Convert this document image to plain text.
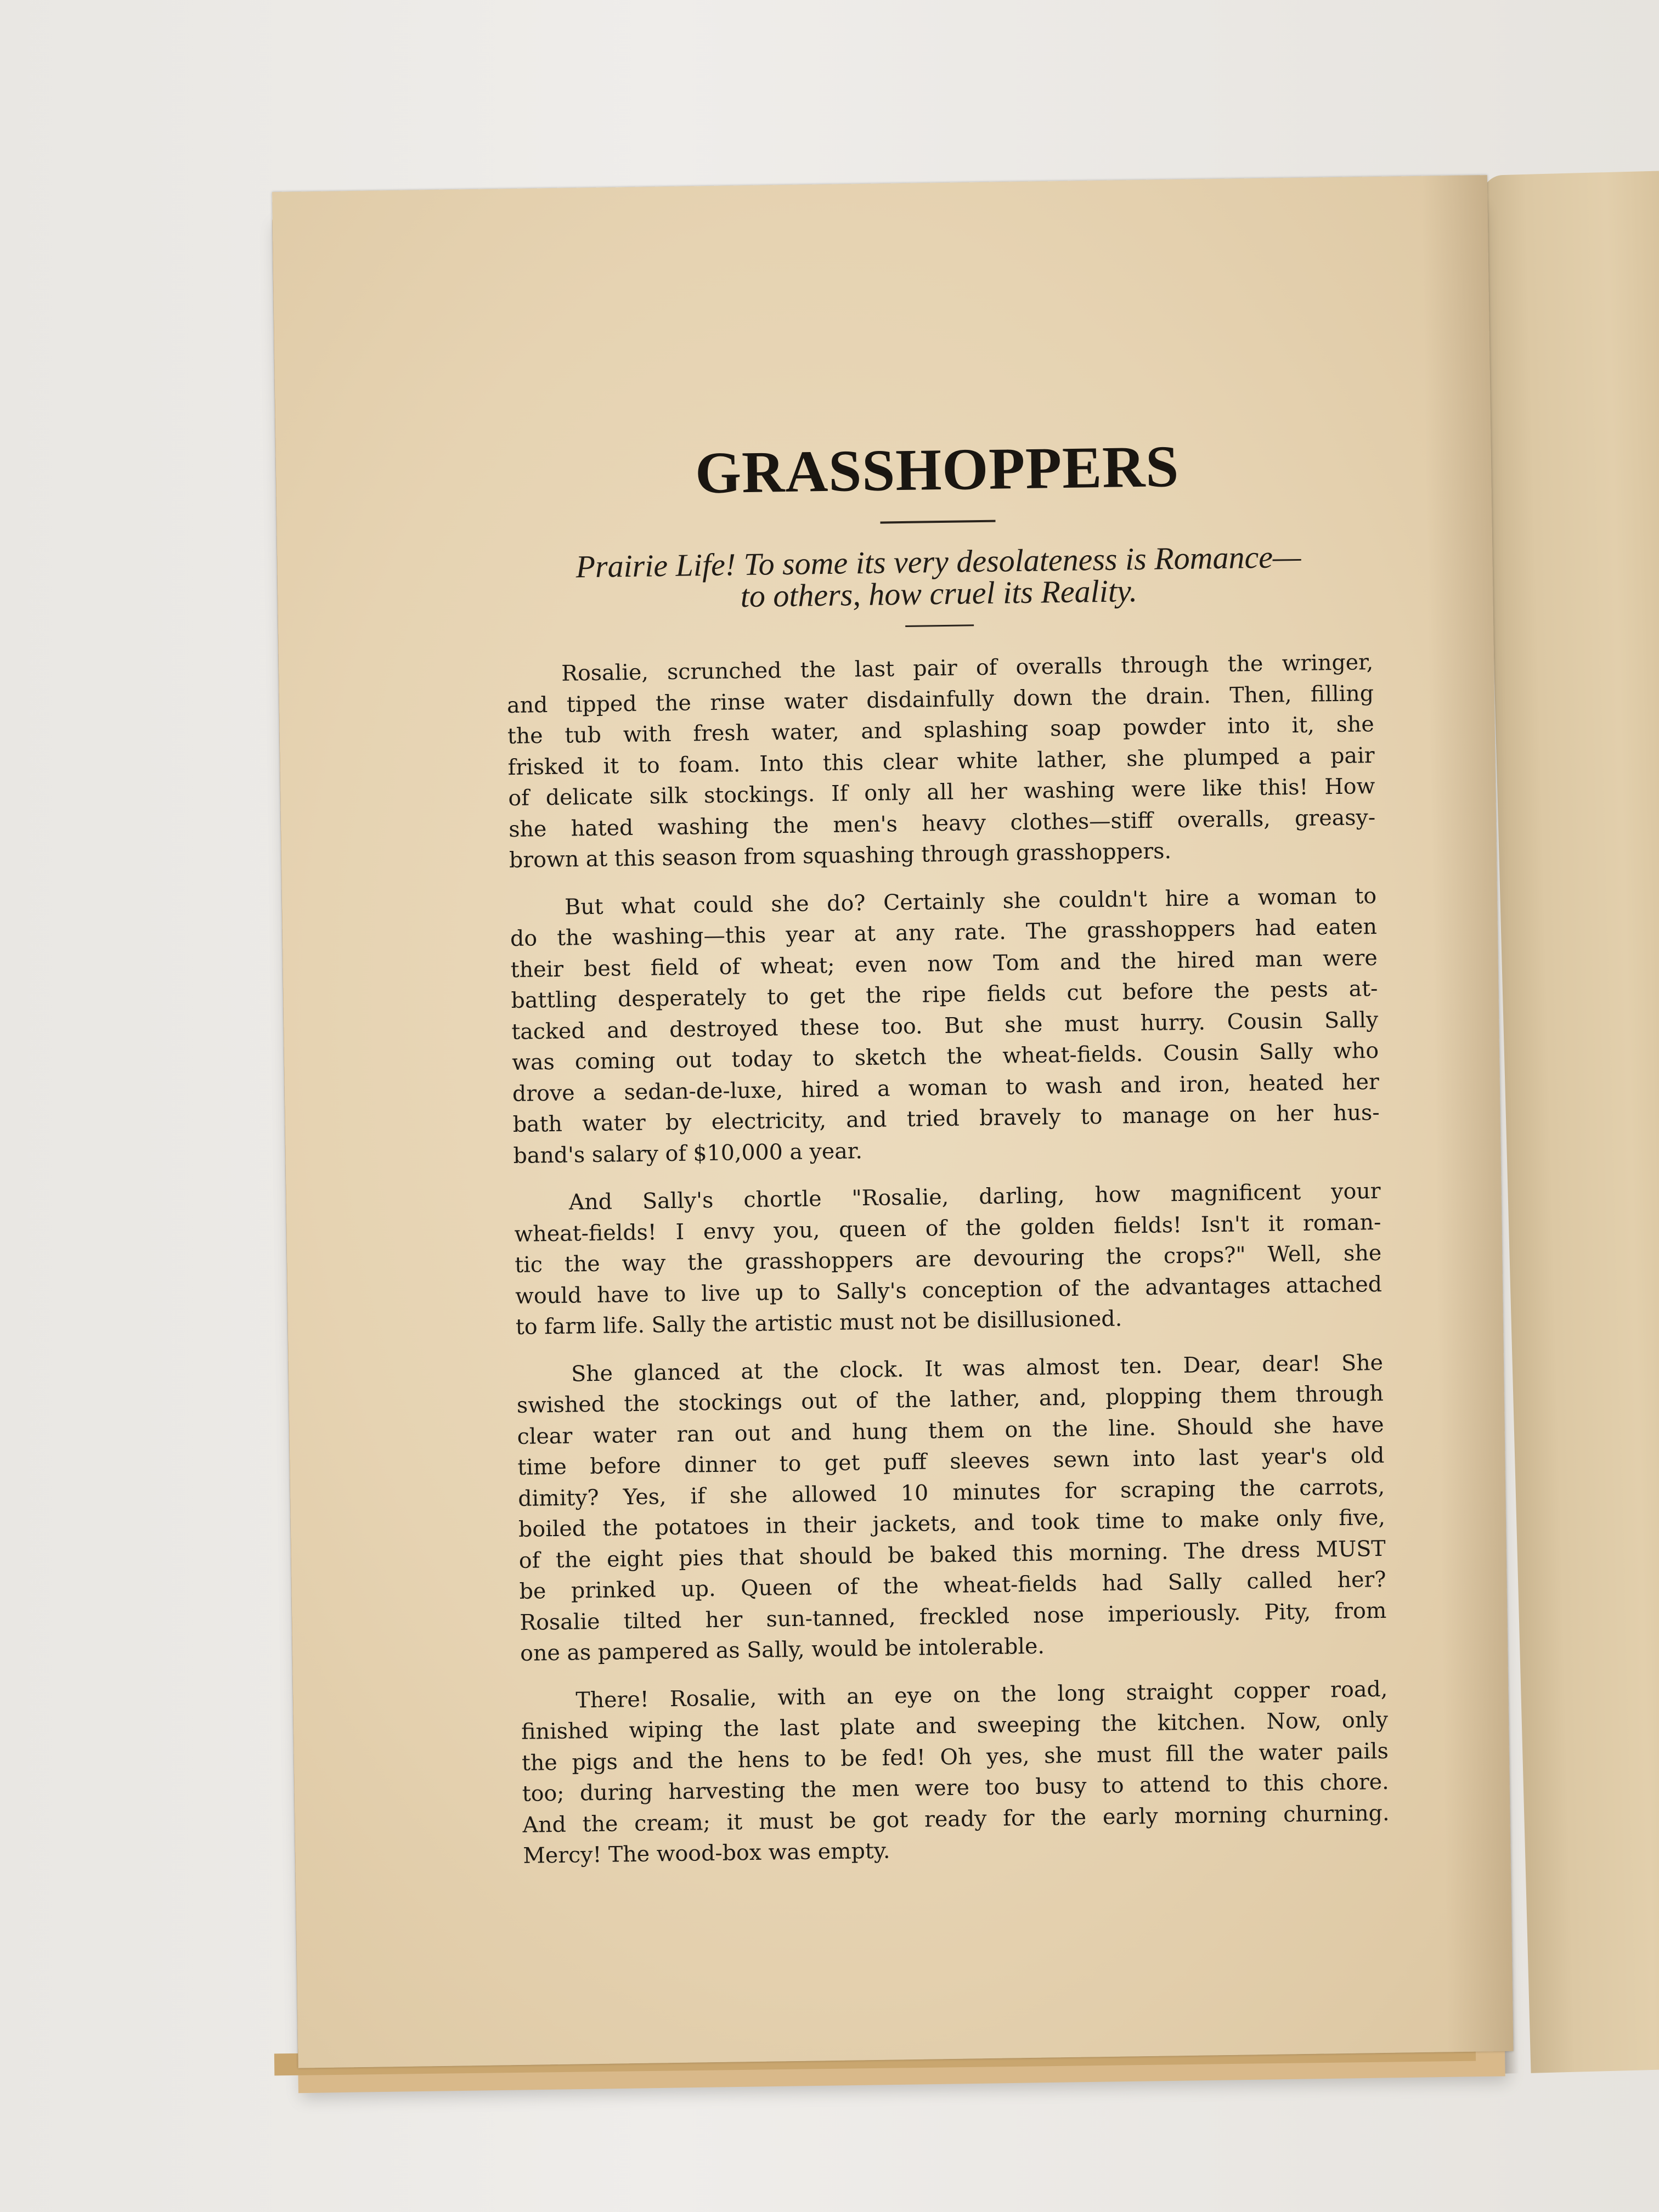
GRASSHOPPERS
Prairie Life! To some its very desolateness is Romance—
to others, how cruel its Reality.
Rosalie, scrunched the last pair of overalls through the wringer,
and tipped the rinse water disdainfully down the drain. Then, filling
the tub with fresh water, and splashing soap powder into it, she
frisked it to foam. Into this clear white lather, she plumped a pair
of delicate silk stockings. If only all her washing were like this! How
she hated washing the men's heavy clothes—stiff overalls, greasy-
brown at this season from squashing through grasshoppers.
But what could she do? Certainly she couldn't hire a woman to
do the washing—this year at any rate. The grasshoppers had eaten
their best field of wheat; even now Tom and the hired man were
battling desperately to get the ripe fields cut before the pests at-
tacked and destroyed these too. But she must hurry. Cousin Sally
was coming out today to sketch the wheat-fields. Cousin Sally who
drove a sedan-de-luxe, hired a woman to wash and iron, heated her
bath water by electricity, and tried bravely to manage on her hus-
band's salary of $10,000 a year.
And Sally's chortle "Rosalie, darling, how magnificent your
wheat-fields! I envy you, queen of the golden fields! Isn't it roman-
tic the way the grasshoppers are devouring the crops?" Well, she
would have to live up to Sally's conception of the advantages attached
to farm life. Sally the artistic must not be disillusioned.
She glanced at the clock. It was almost ten. Dear, dear! She
swished the stockings out of the lather, and, plopping them through
clear water ran out and hung them on the line. Should she have
time before dinner to get puff sleeves sewn into last year's old
dimity? Yes, if she allowed 10 minutes for scraping the carrots,
boiled the potatoes in their jackets, and took time to make only five,
of the eight pies that should be baked this morning. The dress MUST
be prinked up. Queen of the wheat-fields had Sally called her?
Rosalie tilted her sun-tanned, freckled nose imperiously. Pity, from
one as pampered as Sally, would be intolerable.
There! Rosalie, with an eye on the long straight copper road,
finished wiping the last plate and sweeping the kitchen. Now, only
the pigs and the hens to be fed! Oh yes, she must fill the water pails
too; during harvesting the men were too busy to attend to this chore.
And the cream; it must be got ready for the early morning churning.
Mercy! The wood-box was empty.
